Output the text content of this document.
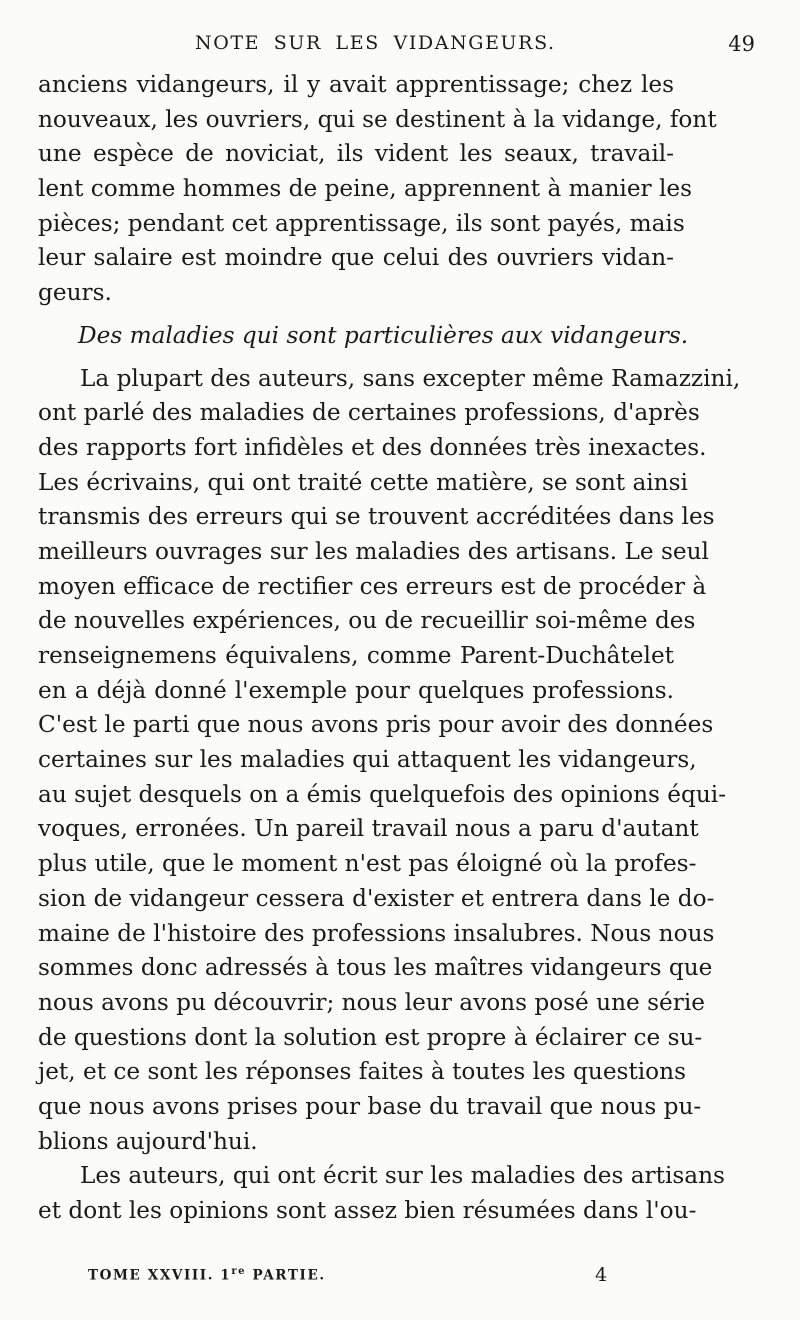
NOTE SUR LES VIDANGEURS.	49
anciens vidangeurs, il y avait apprentissage; chez les
nouveaux, les ouvriers, qui se destinent à la vidange, font
une espèce de noviciat, ils vident les seaux, travail-
lent comme hommes de peine, apprennent à manier les
pièces; pendant cet apprentissage, ils sont payés, mais
leur salaire est moindre que celui des ouvriers vidan-
geurs.
Des maladies qui sont particulières aux vidangeurs.
La plupart des auteurs, sans excepter même Ramazzini,
ont parlé des maladies de certaines professions, d'après
des rapports fort infidèles et des données très inexactes.
Les écrivains, qui ont traité cette matière, se sont ainsi
transmis des erreurs qui se trouvent accréditées dans les
meilleurs ouvrages sur les maladies des artisans. Le seul
moyen efficace de rectifier ces erreurs est de procéder à
de nouvelles expériences, ou de recueillir soi-même des
renseignemens équivalens, comme Parent-Duchâtelet
en a déjà donné l'exemple pour quelques professions.
C'est le parti que nous avons pris pour avoir des données
certaines sur les maladies qui attaquent les vidangeurs,
au sujet desquels on a émis quelquefois des opinions équi-
voques, erronées. Un pareil travail nous a paru d'autant
plus utile, que le moment n'est pas éloigné où la profes-
sion de vidangeur cessera d'exister et entrera dans le do-
maine de l'histoire des professions insalubres. Nous nous
sommes donc adressés à tous les maîtres vidangeurs que
nous avons pu découvrir; nous leur avons posé une série
de questions dont la solution est propre à éclairer ce su-
jet, et ce sont les réponses faites à toutes les questions
que nous avons prises pour base du travail que nous pu-
blions aujourd'hui.
Les auteurs, qui ont écrit sur les maladies des artisans
et dont les opinions sont assez bien résumées dans l'ou-
TOME XXVIII. 1re PARTIE.	4
